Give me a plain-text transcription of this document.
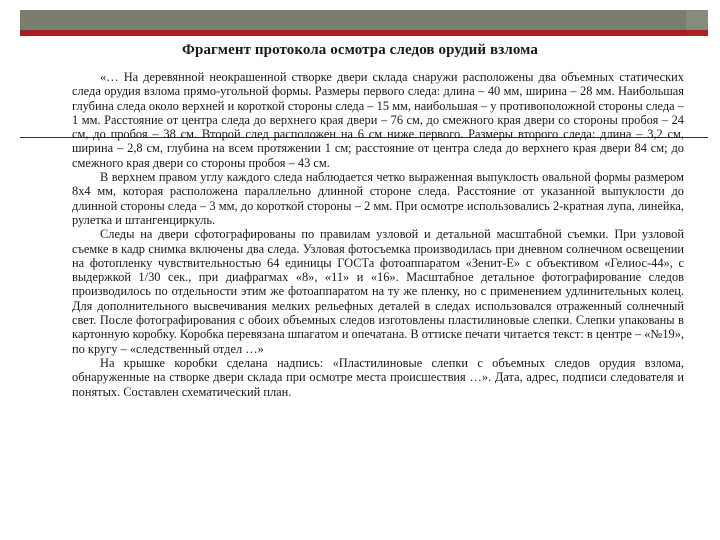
Фрагмент протокола осмотра следов орудий взлома

«… На деревянной неокрашенной створке двери склада снаружи расположены два объемных статических следа орудия взлома прямо-угольной формы. Размеры первого следа: длина – 40 мм, ширина – 28 мм. Наибольшая глубина следа около верхней и короткой стороны следа – 15 мм, наибольшая – у противоположной стороны следа – 1 мм. Расстояние от центра следа до верхнего края двери – 76 см, до смежного края двери со стороны пробоя – 24 см, до пробоя – 38 см. Второй след расположен на 6 см ниже первого. Размеры второго следа: длина – 3,2 см, ширина – 2,8 см, глубина на всем протяжении 1 см; расстояние от центра следа до верхнего края двери 84 см; до смежного края двери со стороны пробоя – 43 см.

В верхнем правом углу каждого следа наблюдается четко выраженная выпуклость овальной формы размером 8х4 мм, которая расположена параллельно длинной стороне следа. Расстояние от указанной выпуклости до длинной стороны следа – 3 мм, до короткой стороны – 2 мм. При осмотре использовались 2-кратная лупа, линейка, рулетка и штангенциркуль.

Следы на двери сфотографированы по правилам узловой и детальной масштабной съемки. При узловой съемке в кадр снимка включены два следа. Узловая фотосъемка производилась при дневном солнечном освещении на фотопленку чувствительностью 64 единицы ГОСТа фотоаппаратом «Зенит-Е» с объективом «Гелиос-44», с выдержкой 1/30 сек., при диафрагмах «8», «11» и «16». Масштабное детальное фотографирование следов производилось по отдельности этим же фотоаппаратом на ту же пленку, но с применением удлинительных колец. Для дополнительного высвечивания мелких рельефных деталей в следах использовался отраженный солнечный свет. После фотографирования с обоих объемных следов изготовлены пластилиновые слепки. Слепки упакованы в картонную коробку. Коробка перевязана шпагатом и опечатана. В оттиске печати читается текст: в центре – «№19», по кругу – «следственный отдел …»

На крышке коробки сделана надпись: «Пластилиновые слепки с объемных следов орудия взлома, обнаруженные на створке двери склада при осмотре места происшествия …». Дата, адрес, подписи следователя и понятых. Составлен схематический план.
